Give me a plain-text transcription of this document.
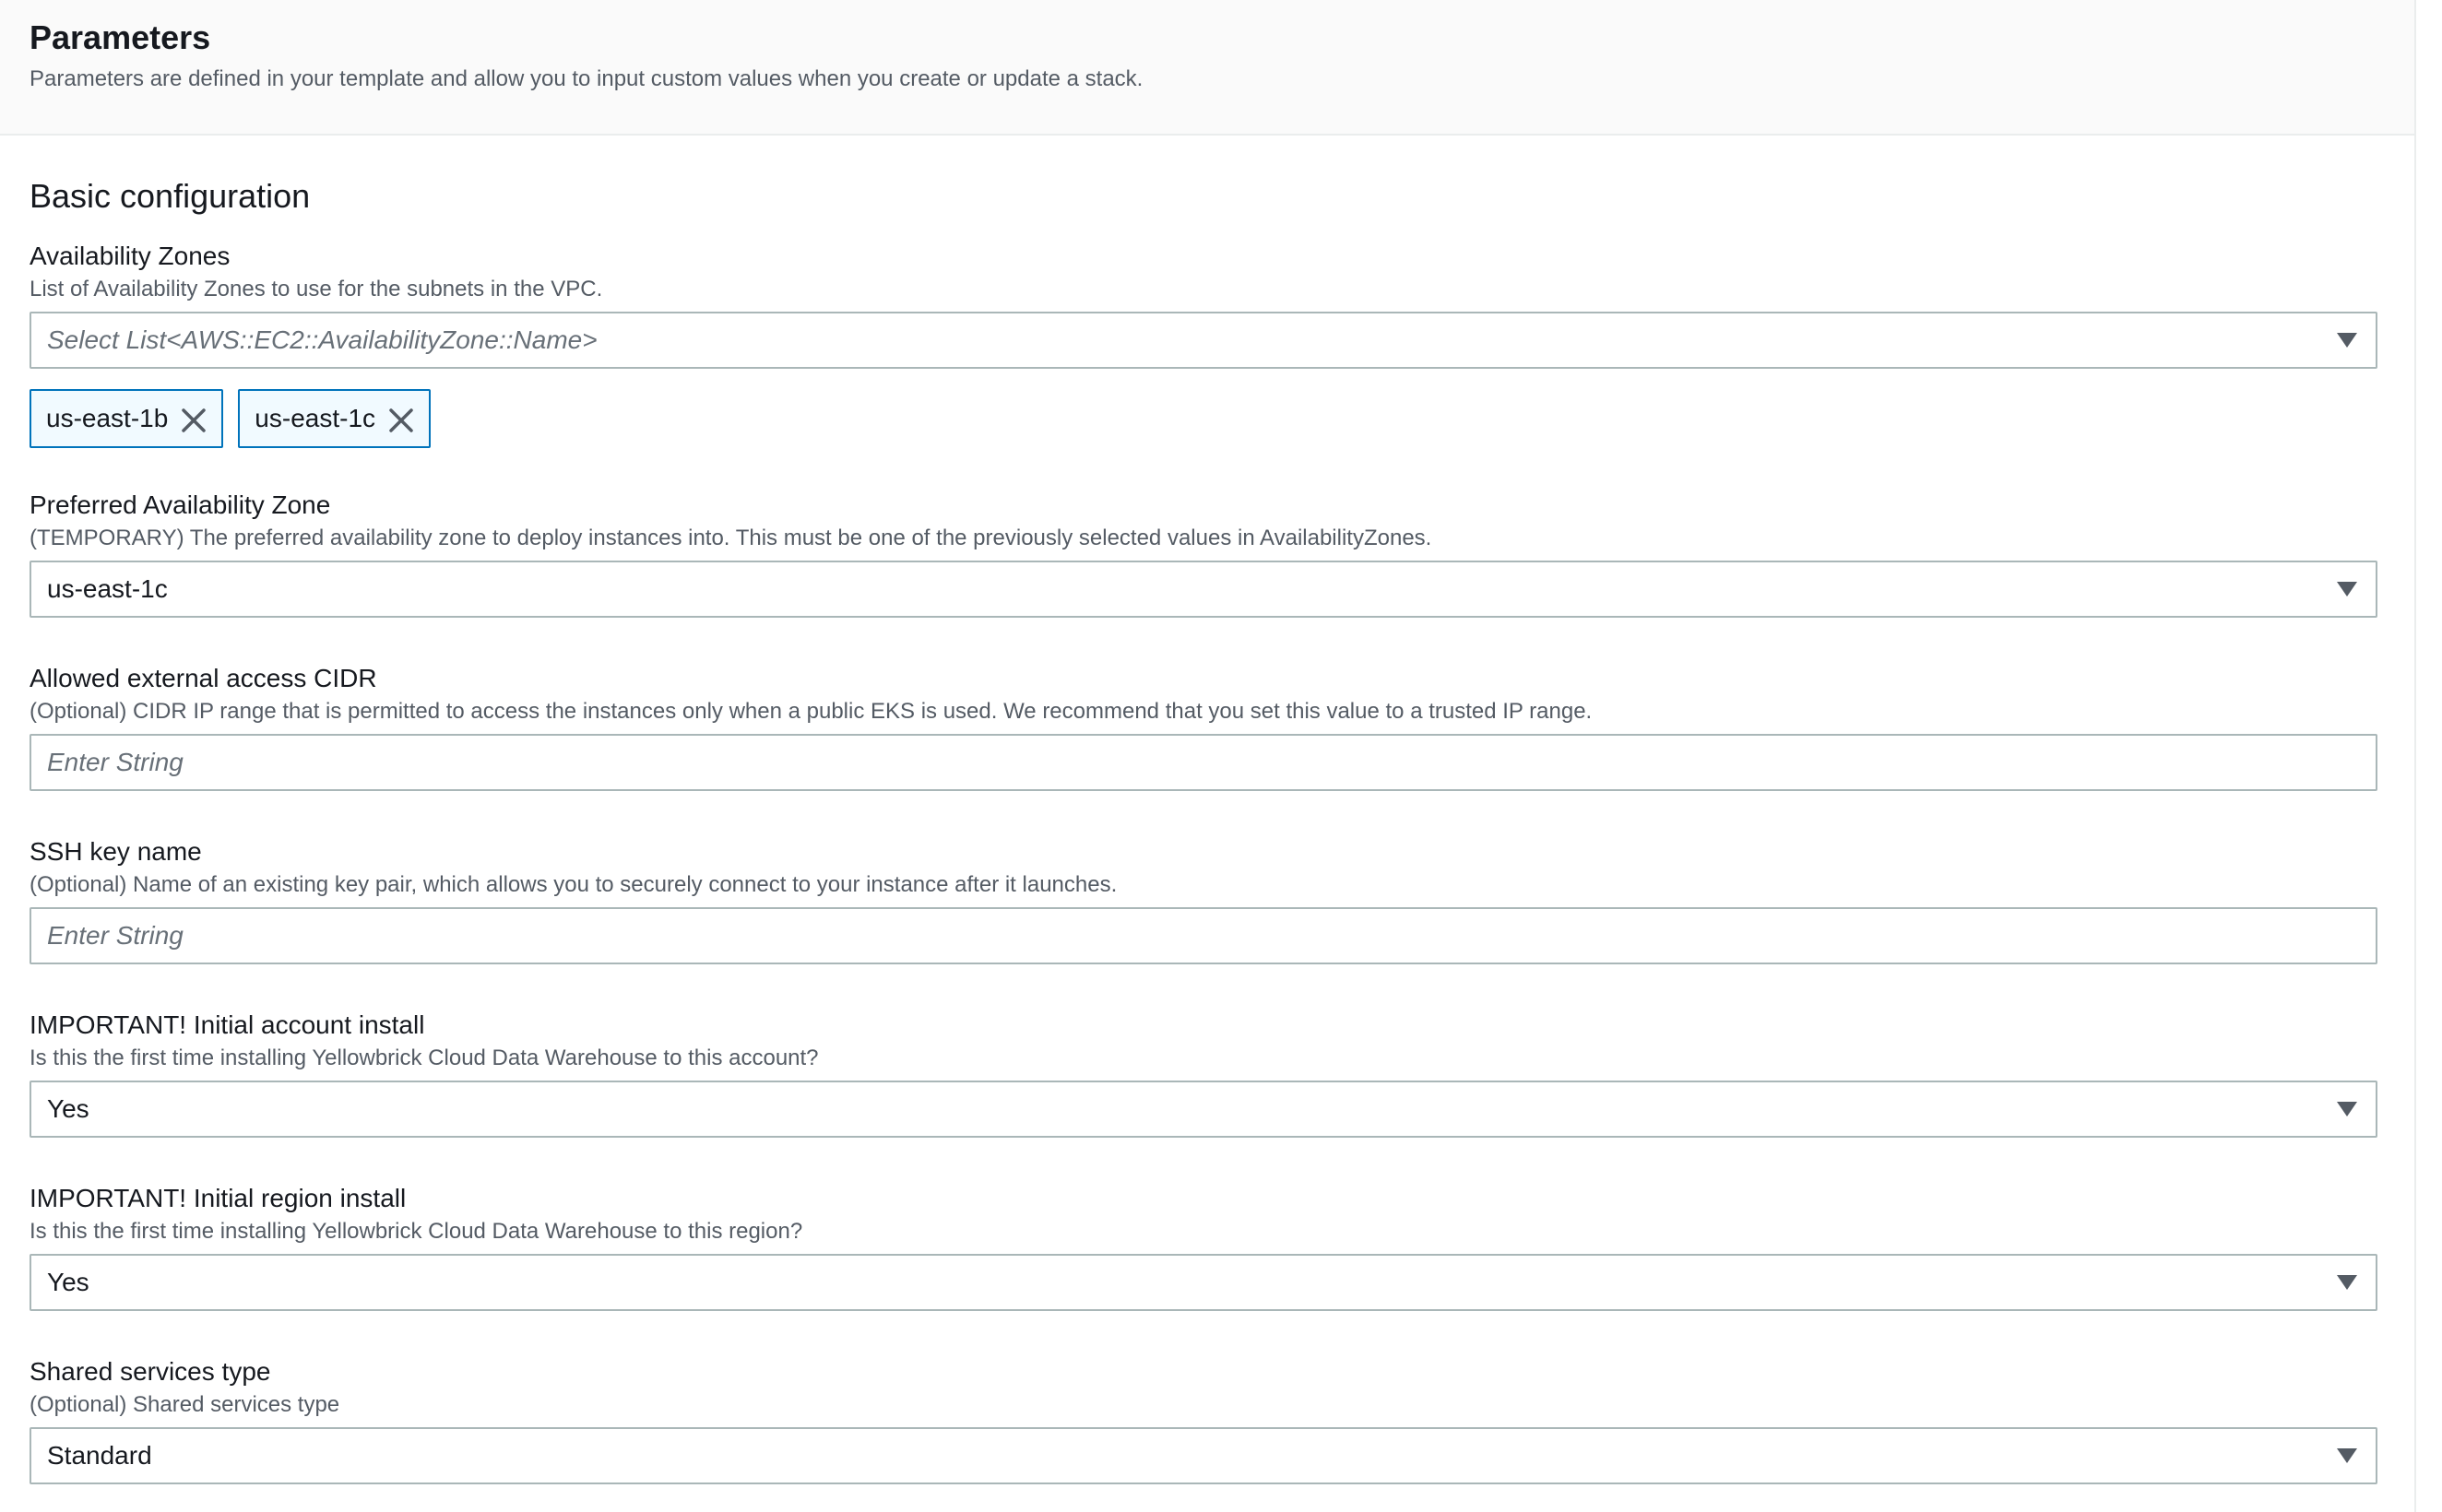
Parameters
Parameters are defined in your template and allow you to input custom values when you create or update a stack.
Basic configuration
Availability Zones
List of Availability Zones to use for the subnets in the VPC.
Select List<AWS::EC2::AvailabilityZone::Name>
us-east-1b	us-east-1c
Preferred Availability Zone
(TEMPORARY) The preferred availability zone to deploy instances into. This must be one of the previously selected values in AvailabilityZones.
us-east-1c
Allowed external access CIDR
(Optional) CIDR IP range that is permitted to access the instances only when a public EKS is used. We recommend that you set this value to a trusted IP range.
Enter String
SSH key name
(Optional) Name of an existing key pair, which allows you to securely connect to your instance after it launches.
Enter String
IMPORTANT! Initial account install
Is this the first time installing Yellowbrick Cloud Data Warehouse to this account?
Yes
IMPORTANT! Initial region install
Is this the first time installing Yellowbrick Cloud Data Warehouse to this region?
Yes
Shared services type
(Optional) Shared services type
Standard
